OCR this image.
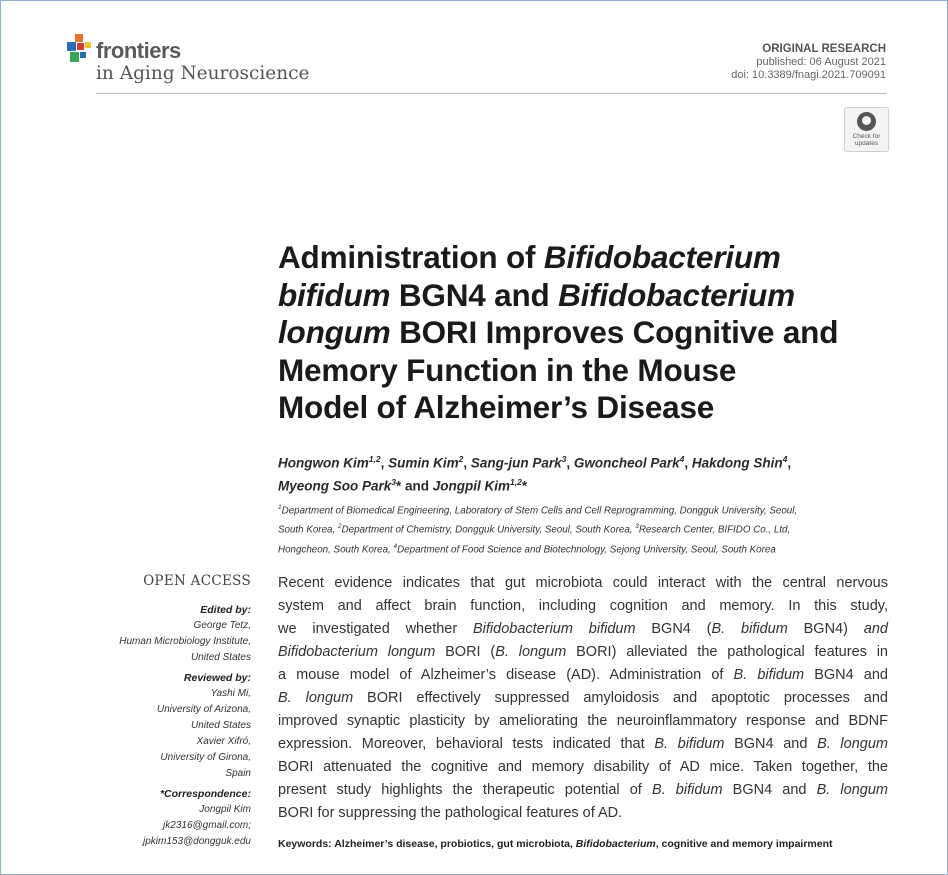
frontiers
in Aging Neuroscience
ORIGINAL RESEARCH
published: 06 August 2021
doi: 10.3389/fnagi.2021.709091
Check for
updates
Administration of Bifidobacterium
bifidum BGN4 and Bifidobacterium
longum BORI Improves Cognitive and
Memory Function in the Mouse
Model of Alzheimer’s Disease
Hongwon Kim$^{1,2}$, Sumin Kim$^2$, Sang-jun Park$^3$, Gwoncheol Park$^4$, Hakdong Shin$^4$,
Myeong Soo Park$^3$* and Jongpil Kim$^{1,2}$*
$^1$Department of Biomedical Engineering, Laboratory of Stem Cells and Cell Reprogramming, Dongguk University, Seoul,
South Korea, $^2$Department of Chemistry, Dongguk University, Seoul, South Korea, $^3$Research Center, BIFIDO Co., Ltd,
Hongcheon, South Korea, $^4$Department of Food Science and Biotechnology, Sejong University, Seoul, South Korea
OPEN ACCESS
Edited by:
George Tetz,
Human Microbiology Institute,
United States
Reviewed by:
Yashi Mi,
University of Arizona,
United States
Xavier Xifró,
University of Girona,
Spain
*Correspondence:
Jongpil Kim
jk2316@gmail.com;
jpkim153@dongguk.edu
Recent evidence indicates that gut microbiota could interact with the central nervous
system and affect brain function, including cognition and memory. In this study,
we investigated whether Bifidobacterium bifidum BGN4 (B. bifidum BGN4) and
Bifidobacterium longum BORI (B. longum BORI) alleviated the pathological features in
a mouse model of Alzheimer’s disease (AD). Administration of B. bifidum BGN4 and
B. longum BORI effectively suppressed amyloidosis and apoptotic processes and
improved synaptic plasticity by ameliorating the neuroinflammatory response and BDNF
expression. Moreover, behavioral tests indicated that B. bifidum BGN4 and B. longum
BORI attenuated the cognitive and memory disability of AD mice. Taken together, the
present study highlights the therapeutic potential of B. bifidum BGN4 and B. longum
BORI for suppressing the pathological features of AD.
Keywords: Alzheimer’s disease, probiotics, gut microbiota, Bifidobacterium, cognitive and memory impairment
